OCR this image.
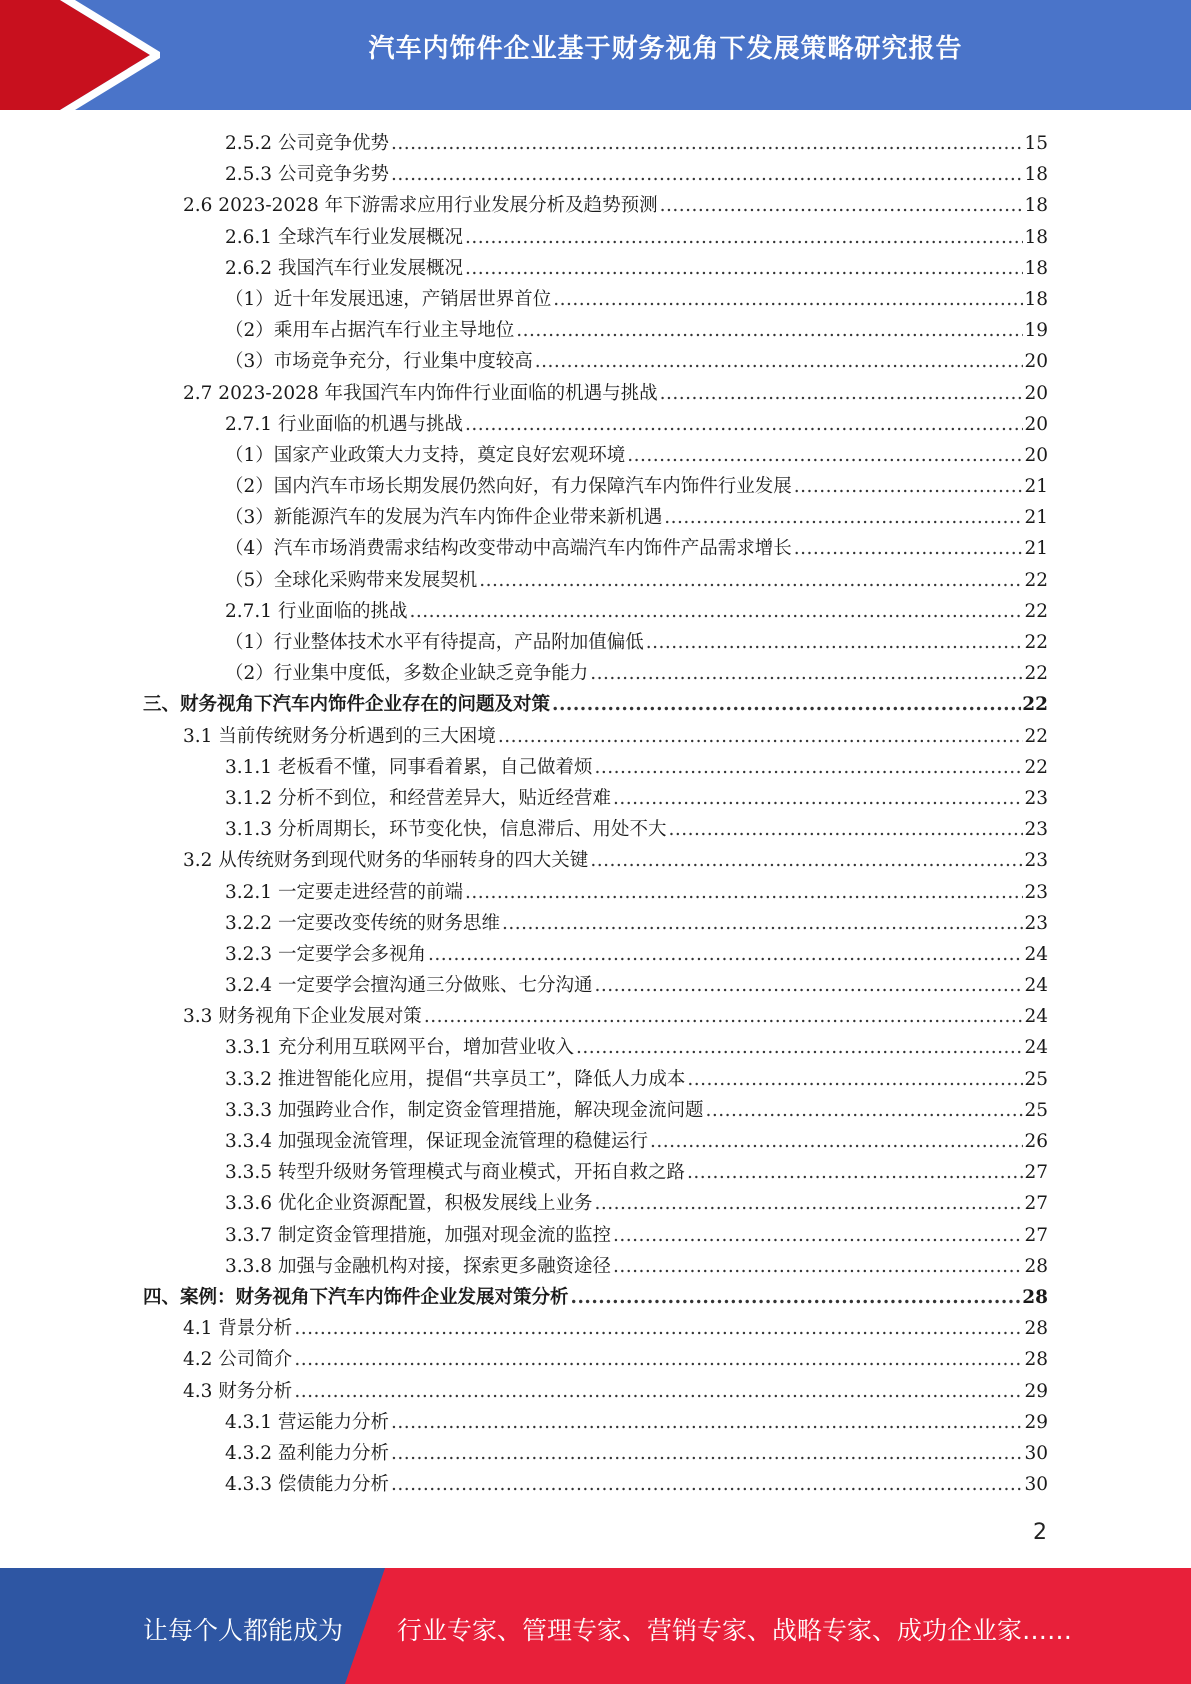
汽车内饰件企业基于财务视角下发展策略研究报告
2.5.2 公司竞争优势 .....	15
2.5.3 公司竞争劣势 .....	18
2.6 2023-2028 年下游需求应用行业发展分析及趋势预测 .....	18
2.6.1 全球汽车行业发展概况 .....	18
2.6.2 我国汽车行业发展概况 .....	18
（1）近十年发展迅速，产销居世界首位 .....	18
（2）乘用车占据汽车行业主导地位 .....	19
（3）市场竞争充分，行业集中度较高 .....	20
2.7 2023-2028 年我国汽车内饰件行业面临的机遇与挑战 .....	20
2.7.1 行业面临的机遇与挑战 .....	20
（1）国家产业政策大力支持，奠定良好宏观环境 .....	20
（2）国内汽车市场长期发展仍然向好，有力保障汽车内饰件行业发展 .....	21
（3）新能源汽车的发展为汽车内饰件企业带来新机遇 .....	21
（4）汽车市场消费需求结构改变带动中高端汽车内饰件产品需求增长 .....	21
（5）全球化采购带来发展契机 .....	22
2.7.1 行业面临的挑战 .....	22
（1）行业整体技术水平有待提高，产品附加值偏低 .....	22
（2）行业集中度低，多数企业缺乏竞争能力 .....	22
三、财务视角下汽车内饰件企业存在的问题及对策 .....	22
3.1 当前传统财务分析遇到的三大困境 .....	22
3.1.1 老板看不懂，同事看着累，自己做着烦 .....	22
3.1.2 分析不到位，和经营差异大，贴近经营难 .....	23
3.1.3 分析周期长，环节变化快，信息滞后、用处不大 .....	23
3.2 从传统财务到现代财务的华丽转身的四大关键 .....	23
3.2.1 一定要走进经营的前端 .....	23
3.2.2 一定要改变传统的财务思维 .....	23
3.2.3 一定要学会多视角 .....	24
3.2.4 一定要学会擅沟通三分做账、七分沟通 .....	24
3.3 财务视角下企业发展对策 .....	24
3.3.1 充分利用互联网平台，增加营业收入 .....	24
3.3.2 推进智能化应用，提倡“共享员工”，降低人力成本 .....	25
3.3.3 加强跨业合作，制定资金管理措施，解决现金流问题 .....	25
3.3.4 加强现金流管理，保证现金流管理的稳健运行 .....	26
3.3.5 转型升级财务管理模式与商业模式，开拓自救之路 .....	27
3.3.6 优化企业资源配置，积极发展线上业务 .....	27
3.3.7 制定资金管理措施，加强对现金流的监控 .....	27
3.3.8 加强与金融机构对接，探索更多融资途径 .....	28
四、案例：财务视角下汽车内饰件企业发展对策分析 .....	28
4.1 背景分析 .....	28
4.2 公司简介 .....	28
4.3 财务分析 .....	29
4.3.1 营运能力分析 .....	29
4.3.2 盈利能力分析 .....	30
4.3.3 偿债能力分析 .....	30
2
让每个人都能成为 行业专家、管理专家、营销专家、战略专家、成功企业家……
